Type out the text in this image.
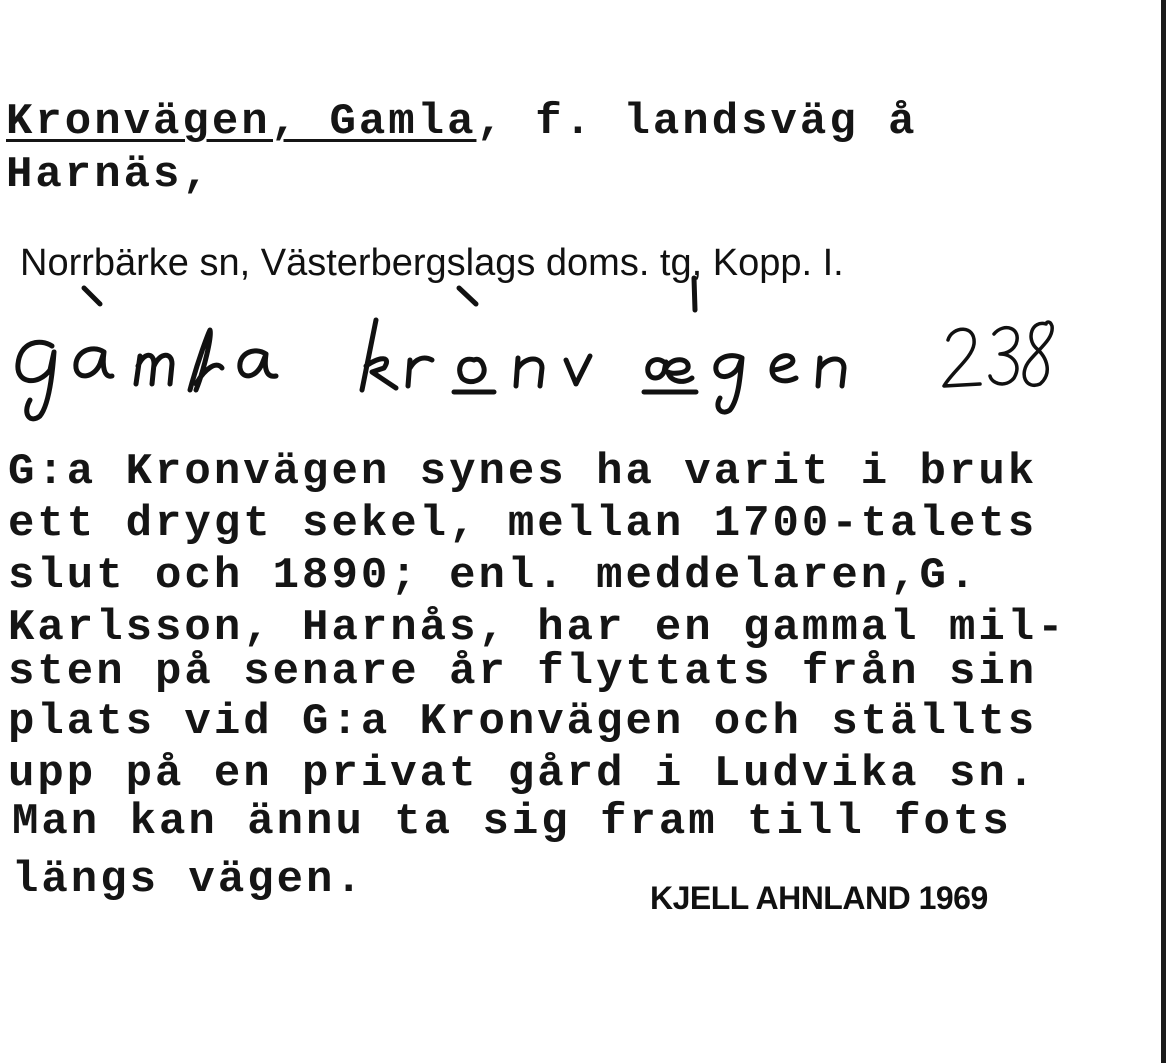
Kronvägen, Gamla, f. landsväg å
Harnäs,
Norrbärke sn, Västerbergslags doms. tg, Kopp. I.
G:a Kronvägen synes ha varit i bruk
ett drygt sekel, mellan 1700-talets
slut och 1890; enl. meddelaren,G.
Karlsson, Harnås, har en gammal mil-
sten på senare år flyttats från sin
plats vid G:a Kronvägen och ställts
upp på en privat gård i Ludvika sn.
Man kan ännu ta sig fram till fots
längs vägen.	KJELL AHNLAND 1969
